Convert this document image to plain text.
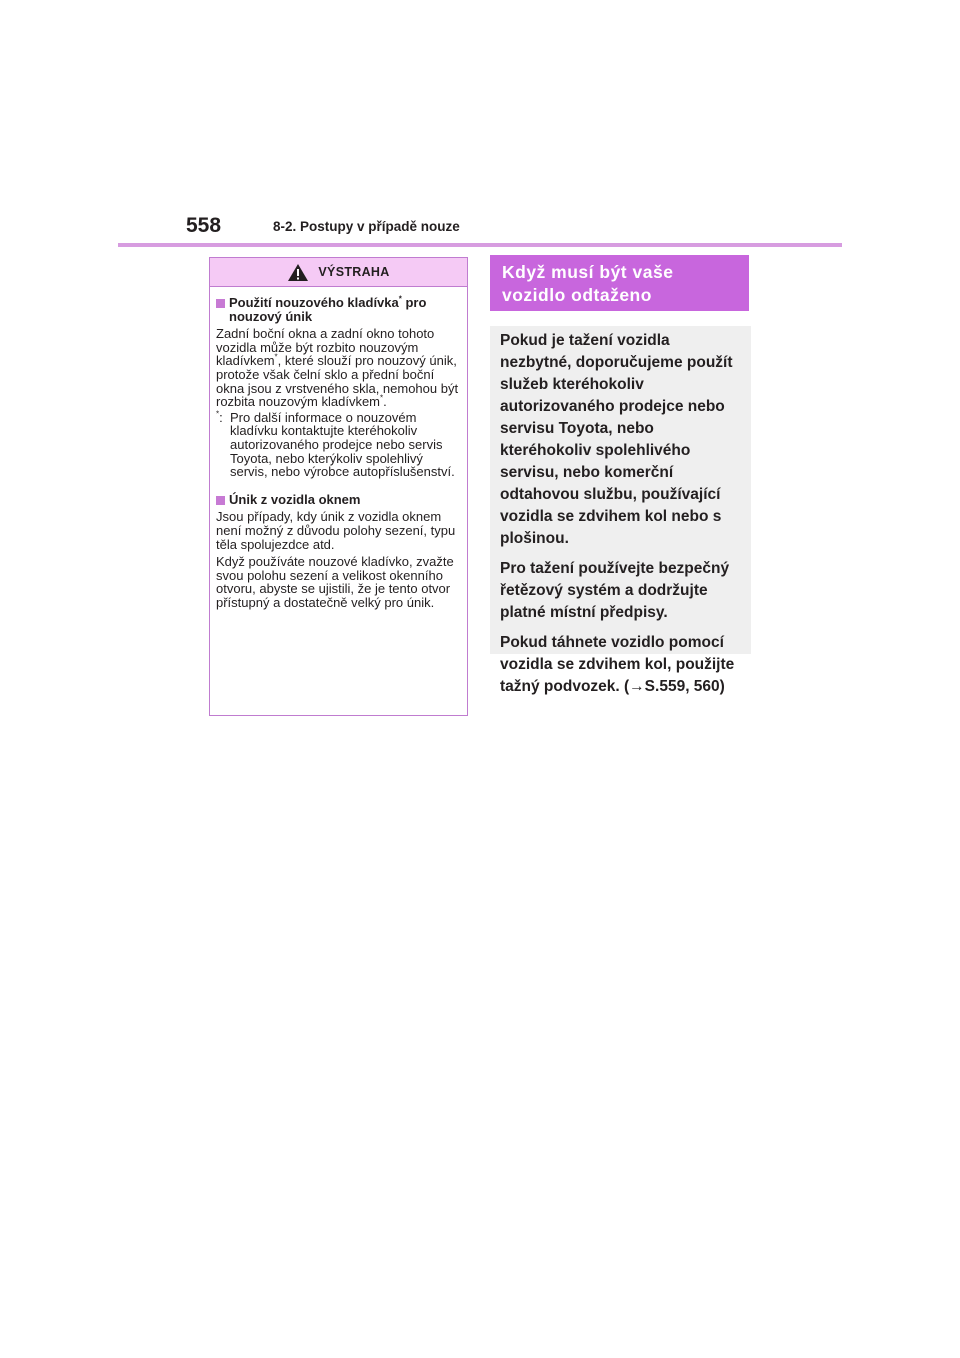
558	8-2. Postupy v případě nouze
VÝSTRAHA
Použití nouzového kladívka* pro nouzový únik
Zadní boční okna a zadní okno tohoto vozidla může být rozbito nouzovým kladívkem*, které slouží pro nouzový únik, protože však čelní sklo a přední boční okna jsou z vrstveného skla, nemohou být rozbita nouzovým kladívkem*.
*: Pro další informace o nouzovém kladívku kontaktujte kteréhokoliv autorizovaného prodejce nebo servis Toyota, nebo kterýkoliv spolehlivý servis, nebo výrobce autopříslušenství.
Únik z vozidla oknem
Jsou případy, kdy únik z vozidla oknem není možný z důvodu polohy sezení, typu těla spolujezdce atd.
Když používáte nouzové kladívko, zvažte svou polohu sezení a velikost okenního otvoru, abyste se ujistili, že je tento otvor přístupný a dostatečně velký pro únik.
Když musí být vaše vozidlo odtaženo

Pokud je tažení vozidla nezbytné, doporučujeme použít služeb kteréhokoliv autorizovaného prodejce nebo servisu Toyota, nebo kteréhokoliv spolehlivého servisu, nebo komerční odtahovou službu, používající vozidla se zdvihem kol nebo s plošinou.

Pro tažení používejte bezpečný řetězový systém a dodržujte platné místní předpisy.

Pokud táhnete vozidlo pomocí vozidla se zdvihem kol, použijte tažný podvozek. (→S.559, 560)
